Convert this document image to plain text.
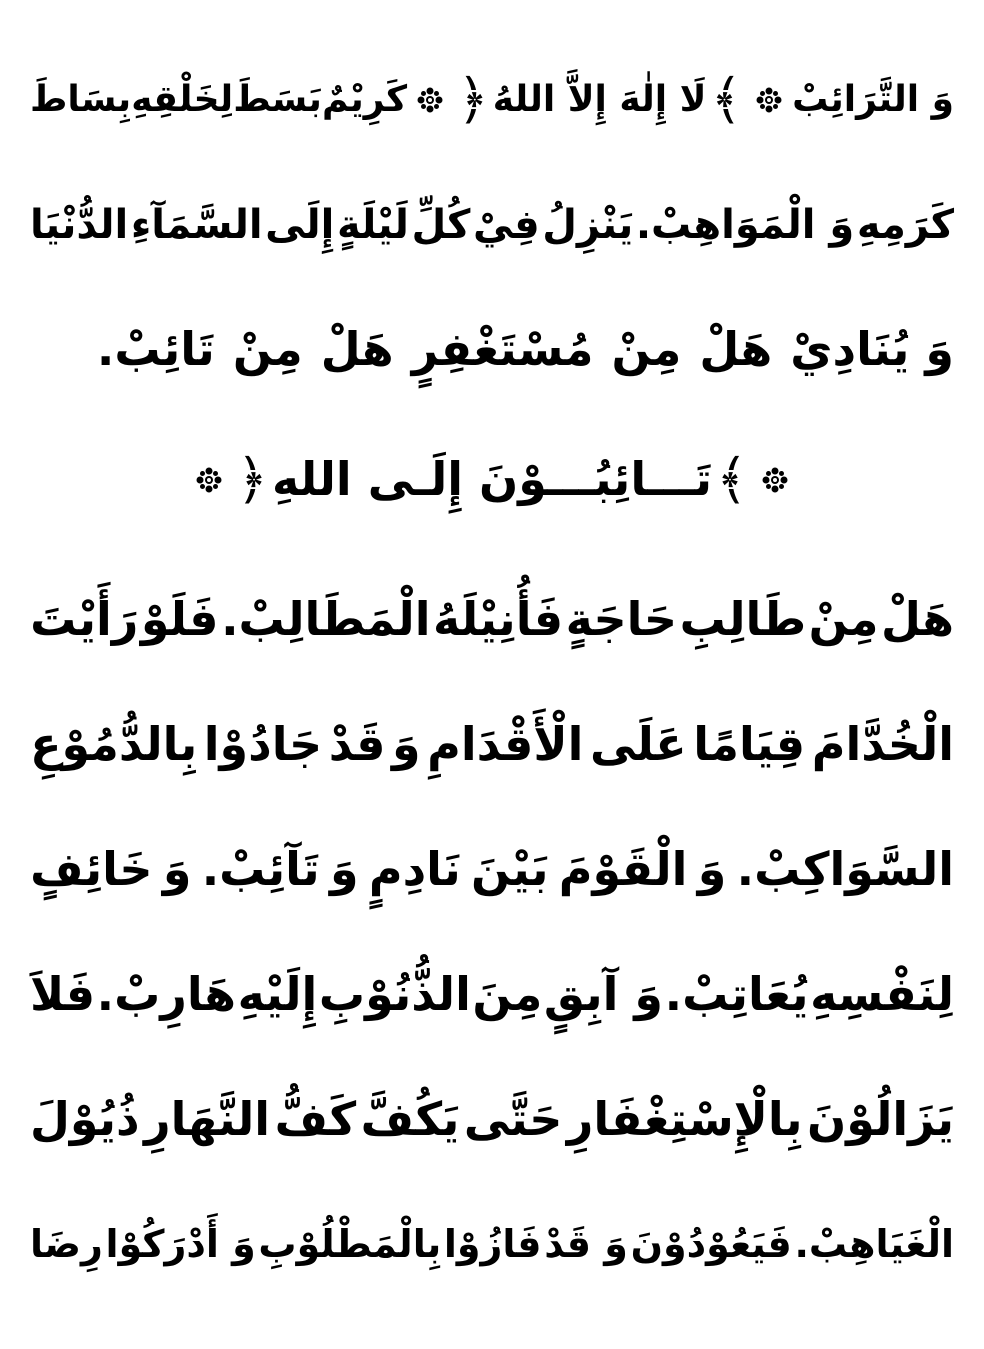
وَ التَّرَائِبْ
﴾
لَا إِلٰهَ إِلاَّ اللهُ
﴿
كَرِيْمٌ
بَسَطَ
لِخَلْقِهِ
بِسَاطَ
كَرَمِهِ
وَ الْمَوَاهِبْ.
يَنْزِلُ
فِيْ
كُلِّ
لَيْلَةٍ
إِلَى
السَّمَآءِ
الدُّنْيَا
وَ يُنَادِيْ
هَلْ
مِنْ
مُسْتَغْفِرٍ
هَلْ
مِنْ
تَائِبْ.
﴾
تَـــائِبُـــوْنَ إِلَـى اللهِ
﴿
هَلْ
مِنْ
طَالِبِ
حَاجَةٍ
فَأُنِيْلَهُ
الْمَطَالِبْ.
فَلَوْ
رَأَيْتَ
الْخُدَّامَ
قِيَامًا
عَلَى
الْأَقْدَامِ
وَ
قَدْ
جَادُوْا
بِالدُّمُوْعِ
السَّوَاكِبْ.
وَ
الْقَوْمَ
بَيْنَ
نَادِمٍ
وَ
تَآئِبْ.
وَ
خَائِفٍ
لِنَفْسِهِ
يُعَاتِبْ.
وَ آبِقٍ
مِنَ
الذُّنُوْبِ
إِلَيْهِ
هَارِبْ.
فَلاَ
يَزَالُوْنَ
بِالْإِسْتِغْفَارِ
حَتَّى
يَكُفَّ
كَفُّ
النَّهَارِ
ذُيُوْلَ
الْغَيَاهِبْ.
فَيَعُوْدُوْنَ
وَ قَدْ
فَازُوْا
بِالْمَطْلُوْبِ
وَ أَدْرَكُوْا
رِضَا
